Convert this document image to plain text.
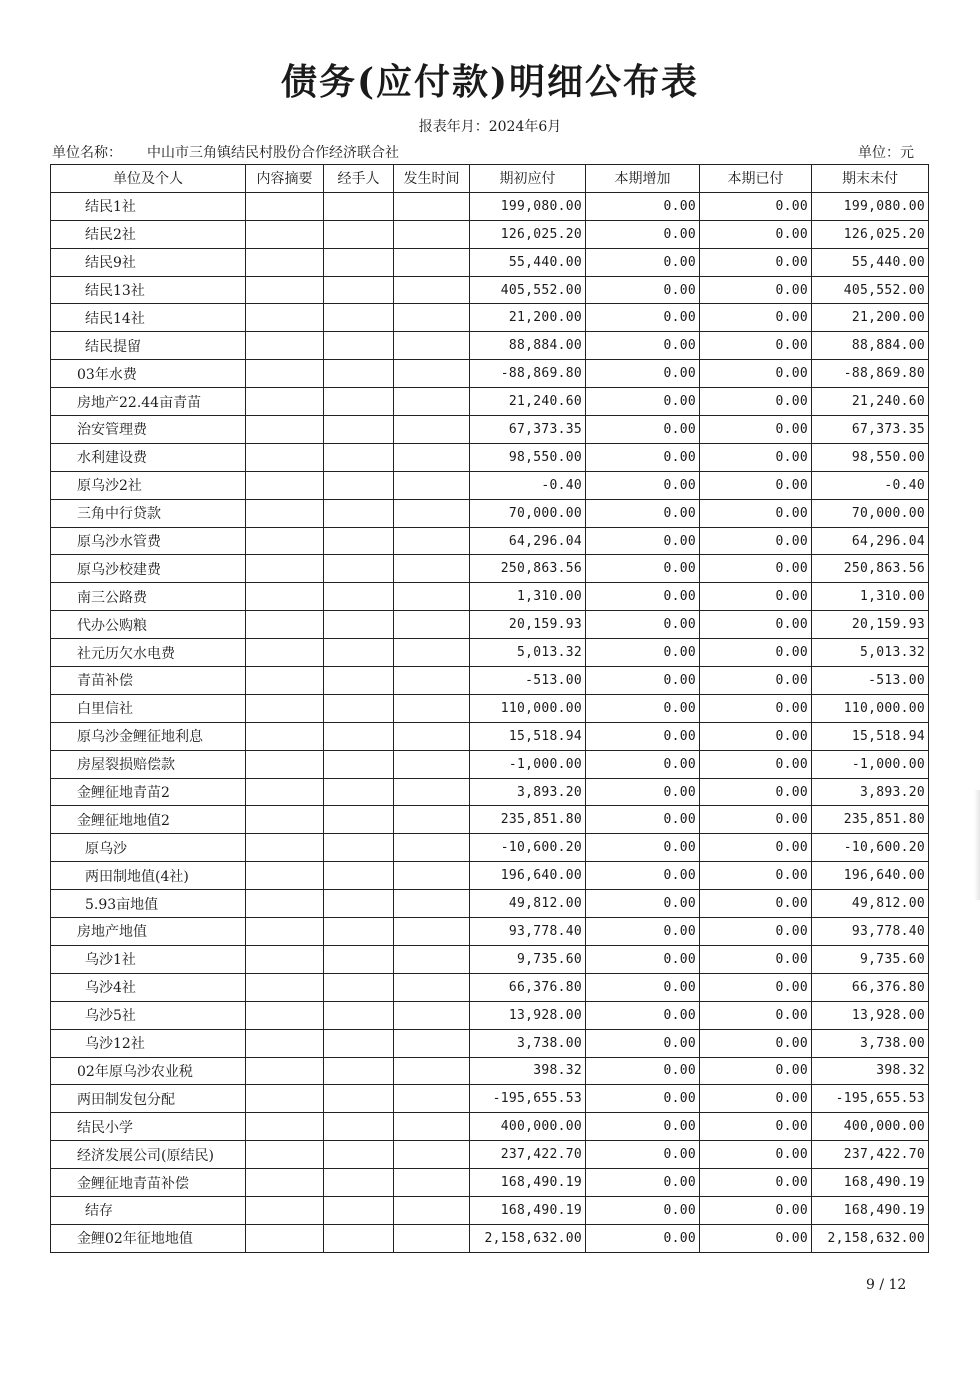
债务(应付款)明细公布表
报表年月：2024年6月
单位名称： 中山市三角镇结民村股份合作经济联合社	单位：元
单位及个人	内容摘要	经手人	发生时间	期初应付	本期增加	本期已付	期末未付
结民1社				199,080.00	0.00	0.00	199,080.00
结民2社				126,025.20	0.00	0.00	126,025.20
结民9社				55,440.00	0.00	0.00	55,440.00
结民13社				405,552.00	0.00	0.00	405,552.00
结民14社				21,200.00	0.00	0.00	21,200.00
结民提留				88,884.00	0.00	0.00	88,884.00
03年水费				-88,869.80	0.00	0.00	-88,869.80
房地产22.44亩青苗				21,240.60	0.00	0.00	21,240.60
治安管理费				67,373.35	0.00	0.00	67,373.35
水利建设费				98,550.00	0.00	0.00	98,550.00
原乌沙2社				-0.40	0.00	0.00	-0.40
三角中行贷款				70,000.00	0.00	0.00	70,000.00
原乌沙水管费				64,296.04	0.00	0.00	64,296.04
原乌沙校建费				250,863.56	0.00	0.00	250,863.56
南三公路费				1,310.00	0.00	0.00	1,310.00
代办公购粮				20,159.93	0.00	0.00	20,159.93
社元历欠水电费				5,013.32	0.00	0.00	5,013.32
青苗补偿				-513.00	0.00	0.00	-513.00
白里信社				110,000.00	0.00	0.00	110,000.00
原乌沙金鲤征地利息				15,518.94	0.00	0.00	15,518.94
房屋裂损赔偿款				-1,000.00	0.00	0.00	-1,000.00
金鲤征地青苗2				3,893.20	0.00	0.00	3,893.20
金鲤征地地值2				235,851.80	0.00	0.00	235,851.80
原乌沙				-10,600.20	0.00	0.00	-10,600.20
两田制地值(4社)				196,640.00	0.00	0.00	196,640.00
5.93亩地值				49,812.00	0.00	0.00	49,812.00
房地产地值				93,778.40	0.00	0.00	93,778.40
乌沙1社				9,735.60	0.00	0.00	9,735.60
乌沙4社				66,376.80	0.00	0.00	66,376.80
乌沙5社				13,928.00	0.00	0.00	13,928.00
乌沙12社				3,738.00	0.00	0.00	3,738.00
02年原乌沙农业税				398.32	0.00	0.00	398.32
两田制发包分配				-195,655.53	0.00	0.00	-195,655.53
结民小学				400,000.00	0.00	0.00	400,000.00
经济发展公司(原结民)				237,422.70	0.00	0.00	237,422.70
金鲤征地青苗补偿				168,490.19	0.00	0.00	168,490.19
结存				168,490.19	0.00	0.00	168,490.19
金鲤02年征地地值				2,158,632.00	0.00	0.00	2,158,632.00
9 / 12
